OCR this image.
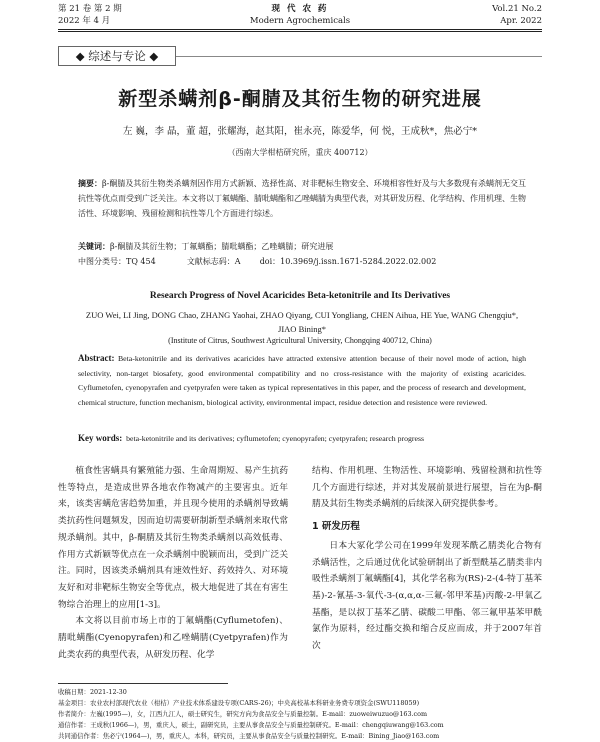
第 21 卷 第 2 期	现 代 农 药	Vol.21 No.2
2022 年 4 月	Modern Agrochemicals	Apr. 2022
◆ 综述与专论 ◆
新型杀螨剂β-酮腈及其衍生物的研究进展
左 巍，李 晶，董 超，张耀海，赵其阳，崔永亮，陈爱华，何 悦，王成秋*，焦必宁*
（西南大学柑桔研究所，重庆 400712）
摘要：β-酮腈及其衍生物类杀螨剂因作用方式新颖、选择性高、对非靶标生物安全、环境相容性好及与大多数现有杀螨剂无交互抗性等优点而受到广泛关注。本文将以丁氟螨酯、腈吡螨酯和乙唑螨腈为典型代表，对其研发历程、化学结构、作用机理、生物活性、环境影响、残留检测和抗性等几个方面进行综述。
关键词：β-酮腈及其衍生物；丁氟螨酯；腈吡螨酯；乙唑螨腈；研究进展
中图分类号：TQ 454	文献标志码：A doi：10.3969/j.issn.1671-5284.2022.02.002
Research Progress of Novel Acaricides Beta-ketonitrile and Its Derivatives
ZUO Wei, LI Jing, DONG Chao, ZHANG Yaohai, ZHAO Qiyang, CUI Yongliang, CHEN Aihua, HE Yue, WANG Chengqiu*, JIAO Bining*
(Institute of Citrus, Southwest Agricultural University, Chongqing 400712, China)
Abstract: Beta-ketonitrile and its derivatives acaricides have attracted extensive attention because of their novel mode of action, high selectivity, non-target biosafety, good environmental compatibility and no cross-resistance with the majority of existing acaricides. Cyflumetofen, cyenopyrafen and cyetpyrafen were taken as typical representatives in this paper, and the process of research and development, chemical structure, function mechanism, biological activity, environmental impact, residue detection and resistence were reviewed.
Key words: beta-ketonitrile and its derivatives; cyflumetofen; cyenopyrafen; cyetpyrafen; research progress

植食性害螨具有繁殖能力强、生命周期短、易产生抗药性等特点，是造成世界各地农作物减产的主要害虫。近年来，该类害螨危害趋势加重，并且现今使用的杀螨剂导致螨类抗药性问题频发，因而迫切需要研制新型杀螨剂来取代常规杀螨剂。其中，β-酮腈及其衍生物类杀螨剂以高效低毒、作用方式新颖等优点在一众杀螨剂中脱颖而出，受到广泛关注。同时，因该类杀螨剂具有速效性好、药效持久、对环境友好和对非靶标生物安全等优点，极大地促进了其在有害生物综合治理上的应用[1-3]。

本文将以目前市场上市的丁氟螨酯(Cyflumetofen)、腈吡螨酯(Cyenopyrafen)和乙唑螨腈(Cyetpyrafen)作为此类农药的典型代表，从研发历程、化学

结构、作用机理、生物活性、环境影响、残留检测和抗性等几个方面进行综述，并对其发展前景进行展望，旨在为β-酮腈及其衍生物类杀螨剂的后续深入研究提供参考。

1 研发历程

日本大冢化学公司在1999年发现苯酰乙腈类化合物有杀螨活性，之后通过优化试验研制出了新型酰基乙腈类非内吸性杀螨剂丁氟螨酯[4]，其化学名称为(RS)-2-(4-特丁基苯基)-2-氰基-3-氧代-3-(α,α,α-三氟-邻甲苯基)丙酸-2-甲氧乙基酯，是以叔丁基苯乙腈、碳酸二甲酯、邻三氟甲基苯甲酰氯作为原料，经过酯交换和缩合反应而成，并于2007年首次

收稿日期：2021-12-30
基金项目：农业农村部现代农业（柑桔）产业技术体系建设专项(CARS-26)；中央高校基本科研业务费专项资金(SWU118059)
作者简介：左巍(1995—)，女，江西九江人，硕士研究生，研究方向为食品安全与质量控制。E-mail：zuoweiwuzuo@163.com
通信作者：王成秋(1966—)，男，重庆人，硕士，副研究员，主要从事食品安全与质量控制研究。E-mail：chengqiuwang@163.com
共同通信作者：焦必宁(1964—)，男，重庆人，本科，研究员，主要从事食品安全与质量控制研究。E-mail：Bining_Jiao@163.com
